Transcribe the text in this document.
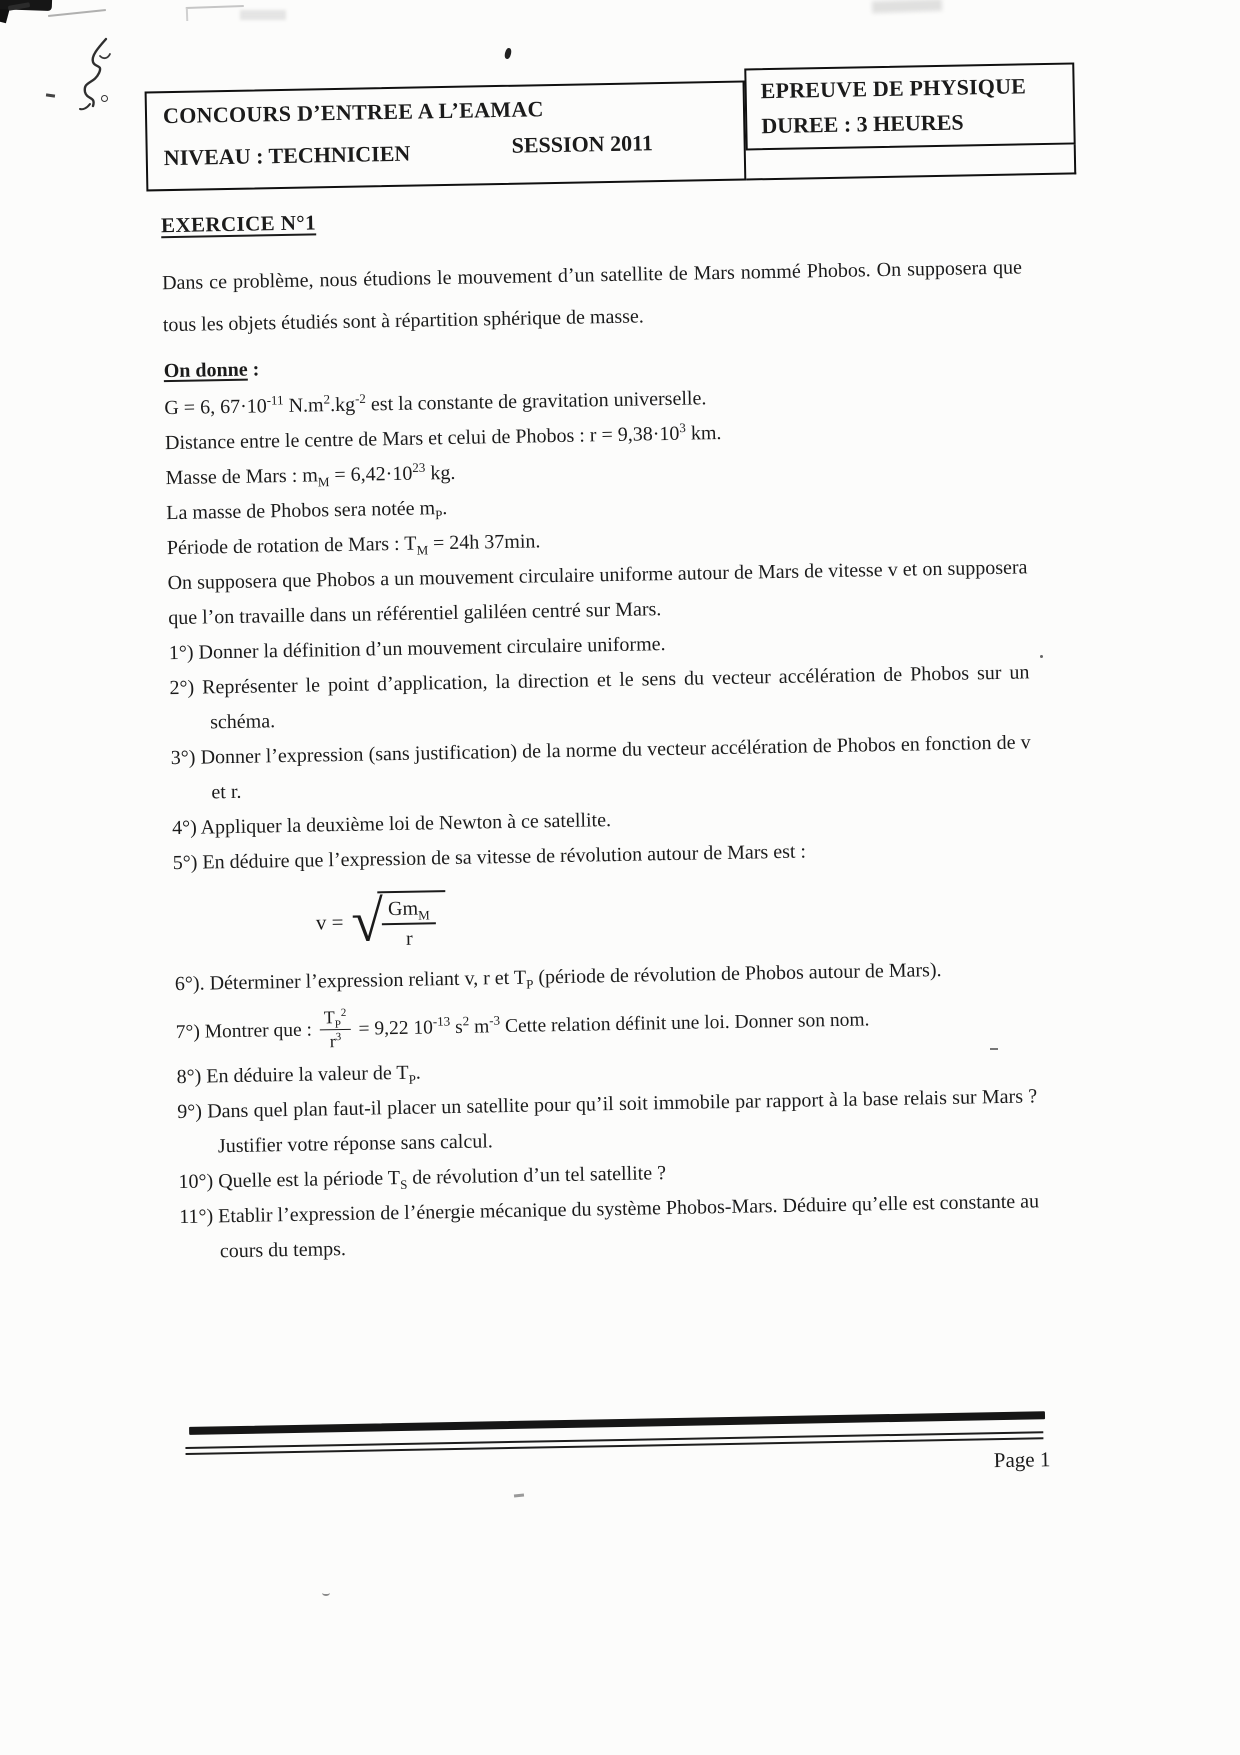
CONCOURS D’ENTREE A L’EAMAC
NIVEAU : TECHNICIEN	SESSION 2011
EPREUVE DE PHYSIQUE
DUREE : 3 HEURES
EXERCICE N°1

Dans ce problème, nous étudions le mouvement d’un satellite de Mars nommé Phobos. On supposera que tous les objets étudiés sont à répartition sphérique de masse.

On donne :

G = 6, $67\cdot 10^{-11}$ $N.m^2.kg^{-2}$ est la constante de gravitation universelle.

Distance entre le centre de Mars et celui de Phobos : $r = 9,38\cdot 10^3$ km.

Masse de Mars : $m_M = 6,42\cdot 10^{23}$ kg.

La masse de Phobos sera notée $m_P$.

Période de rotation de Mars : $T_M = 24h$ 37min.

On supposera que Phobos a un mouvement circulaire uniforme autour de Mars de vitesse v et on supposera que l’on travaille dans un référentiel galiléen centré sur Mars.

1°) Donner la définition d’un mouvement circulaire uniforme.

2°) Représenter le point d’application, la direction et le sens du vecteur accélération de Phobos sur un schéma.

3°) Donner l’expression (sans justification) de la norme du vecteur accélération de Phobos en fonction de v et r.

4°) Appliquer la deuxième loi de Newton à ce satellite.

5°) En déduire que l’expression de sa vitesse de révolution autour de Mars est :

v = √
$\frac{Gm_M}{r}$

6°). Déterminer l’expression reliant v, r et $T_P$ (période de révolution de Phobos autour de Mars).

7°) Montrer que : $\frac{T_P^2}{r^3} = 9,22$ $10^{-13}$ $s^2$ $m^{-3}$ Cette relation définit une loi. Donner son nom.

8°) En déduire la valeur de $T_P$.

9°) Dans quel plan faut-il placer un satellite pour qu’il soit immobile par rapport à la base relais sur Mars ? Justifier votre réponse sans calcul.

10°) Quelle est la période $T_S$ de révolution d’un tel satellite ?

11°) Etablir l’expression de l’énergie mécanique du système Phobos-Mars. Déduire qu’elle est constante au cours du temps.

Page 1
